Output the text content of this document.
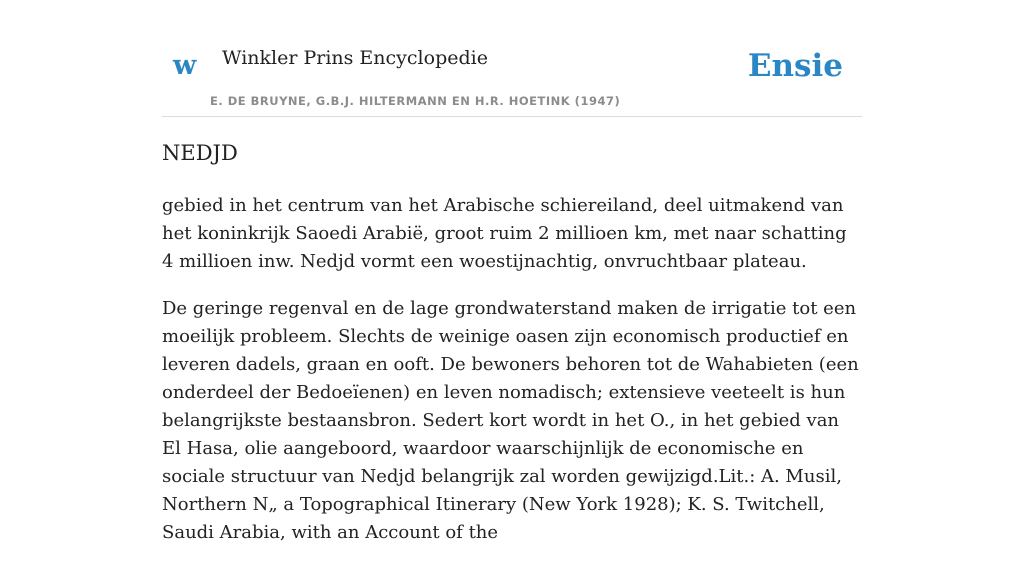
w Winkler Prins Encyclopedie
E. DE BRUYNE, G.B.J. HILTERMANN EN H.R. HOETINK (1947)
Ensie
NEDJD

gebied in het centrum van het Arabische schiereiland, deel uitmakend van het koninkrijk Saoedi Arabië, groot ruim 2 millioen km, met naar schatting 4 millioen inw. Nedjd vormt een woestijnachtig, onvruchtbaar plateau.

De geringe regenval en de lage grondwaterstand maken de irrigatie tot een moeilijk probleem. Slechts de weinige oasen zijn economisch productief en leveren dadels, graan en ooft. De bewoners behoren tot de Wahabieten (een onderdeel der Bedoeïenen) en leven nomadisch; extensieve veeteelt is hun belangrijkste bestaansbron. Sedert kort wordt in het O., in het gebied van El Hasa, olie aangeboord, waardoor waarschijnlijk de economische en sociale structuur van Nedjd belangrijk zal worden gewijzigd.Lit.: A. Musil, Northern N„ a Topographical Itinerary (New York 1928); K. S. Twitchell, Saudi Arabia, with an Account of the
